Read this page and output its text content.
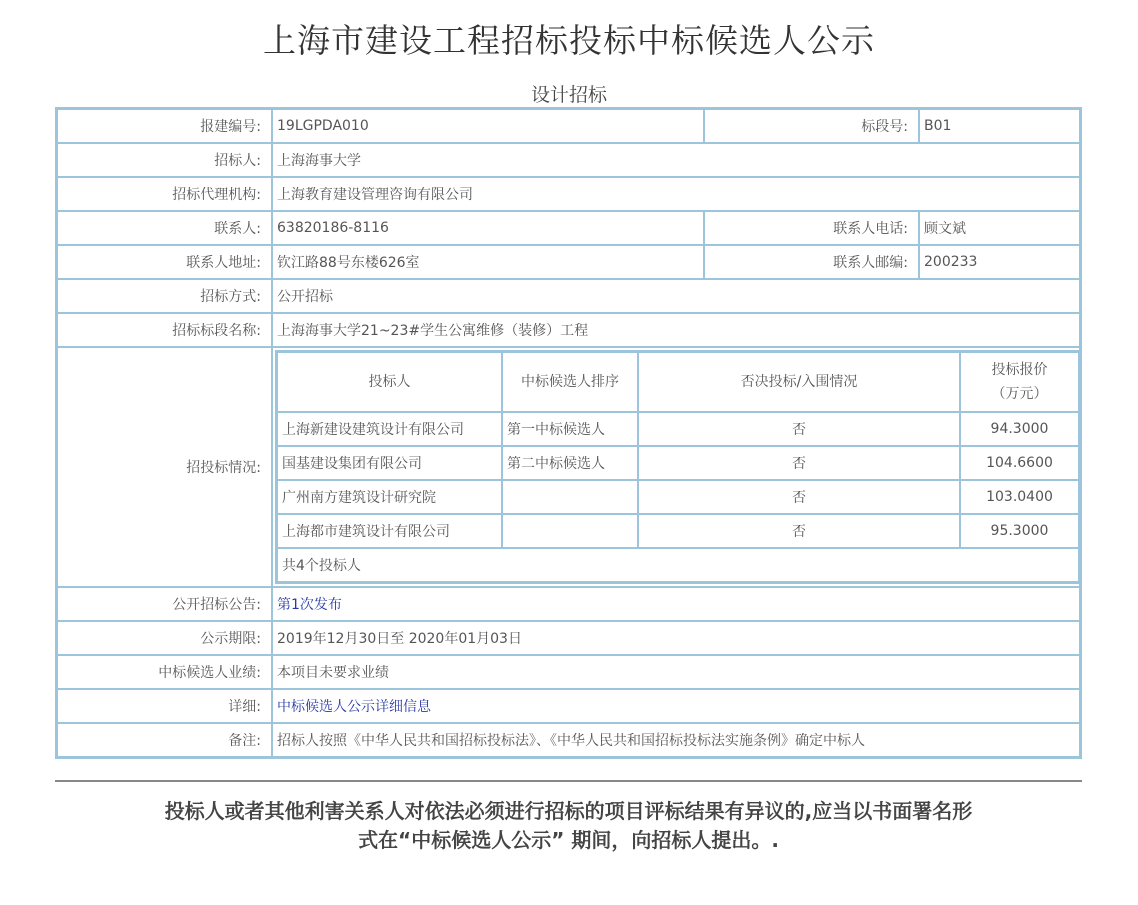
上海市建设工程招标投标中标候选人公示
设计招标
报建编号:	19LGPDA010	标段号:	B01
招标人:	上海海事大学
招标代理机构:	上海教育建设管理咨询有限公司
联系人:	63820186-8116	联系人电话:	顾文斌
联系人地址:	钦江路88号东楼626室	联系人邮编:	200233
招标方式:	公开招标
招标标段名称:	上海海事大学21~23#学生公寓维修（装修）工程
招投标情况:	
投标人	中标候选人排序	否决投标/入围情况	投标报价
（万元）
上海新建设建筑设计有限公司	第一中标候选人	否	94.3000
国基建设集团有限公司	第二中标候选人	否	104.6600
广州南方建筑设计研究院		否	103.0400
上海都市建筑设计有限公司		否	95.3000
共4个投标人

公开招标公告:	第1次发布
公示期限:	2019年12月30日至 2020年01月03日
中标候选人业绩:	本项目未要求业绩
详细:	中标候选人公示详细信息
备注:	招标人按照《中华人民共和国招标投标法》、《中华人民共和国招标投标法实施条例》确定中标人
投标人或者其他利害关系人对依法必须进行招标的项目评标结果有异议的,应当以书面署名形
式在“中标候选人公示” 期间，向招标人提出。.
